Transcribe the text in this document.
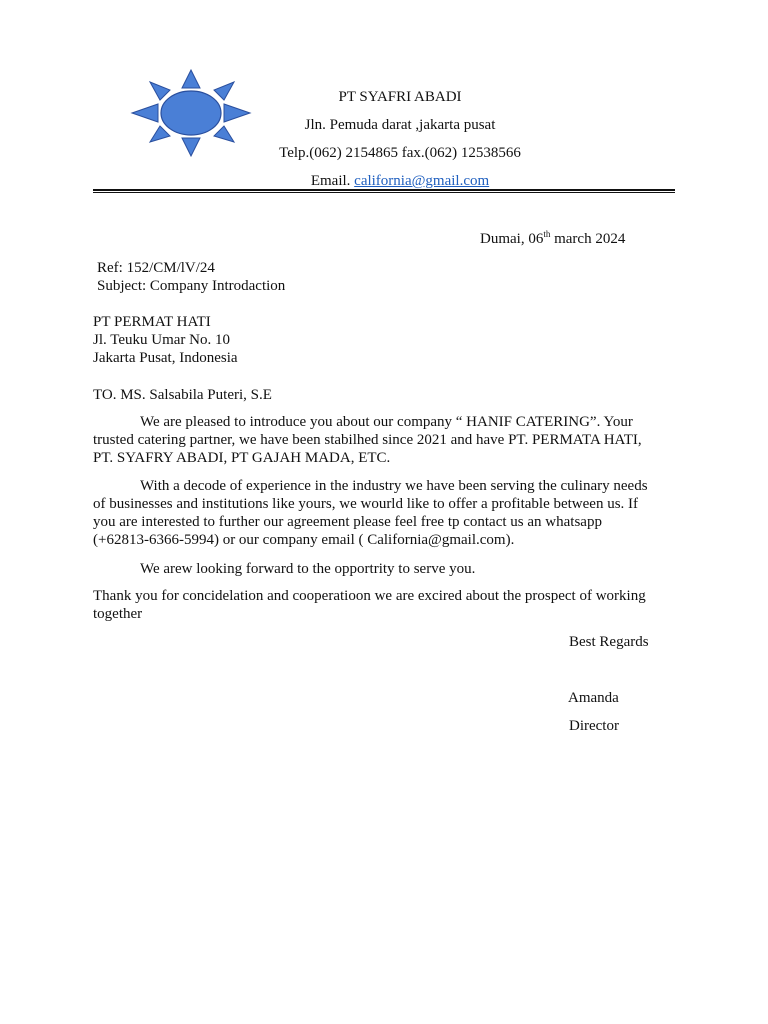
PT SYAFRI ABADI
Jln. Pemuda darat ,jakarta pusat
Telp.(062) 2154865 fax.(062) 12538566
Email. california@gmail.com
Dumai, 06th march 2024
Ref: 152/CM/lV/24
Subject: Company Introdaction
PT PERMAT HATI
Jl. Teuku Umar No. 10
Jakarta Pusat, Indonesia
TO. MS. Salsabila Puteri, S.E
We are pleased to introduce you about our company “ HANIF CATERING”. Your
trusted catering partner, we have been stabilhed since 2021 and have PT. PERMATA HATI,
PT. SYAFRY ABADI, PT GAJAH MADA, ETC.
With a decode of experience in the industry we have been serving the culinary needs
of businesses and institutions like yours, we wourld like to offer a profitable between us. If
you are interested to further our agreement please feel free tp contact us an whatsapp
(+62813-6366-5994) or our company email ( California@gmail.com).
We arew looking forward to the opportrity to serve you.
Thank you for concidelation and cooperatioon we are excired about the prospect of working
together
Best Regards
Amanda
Director
